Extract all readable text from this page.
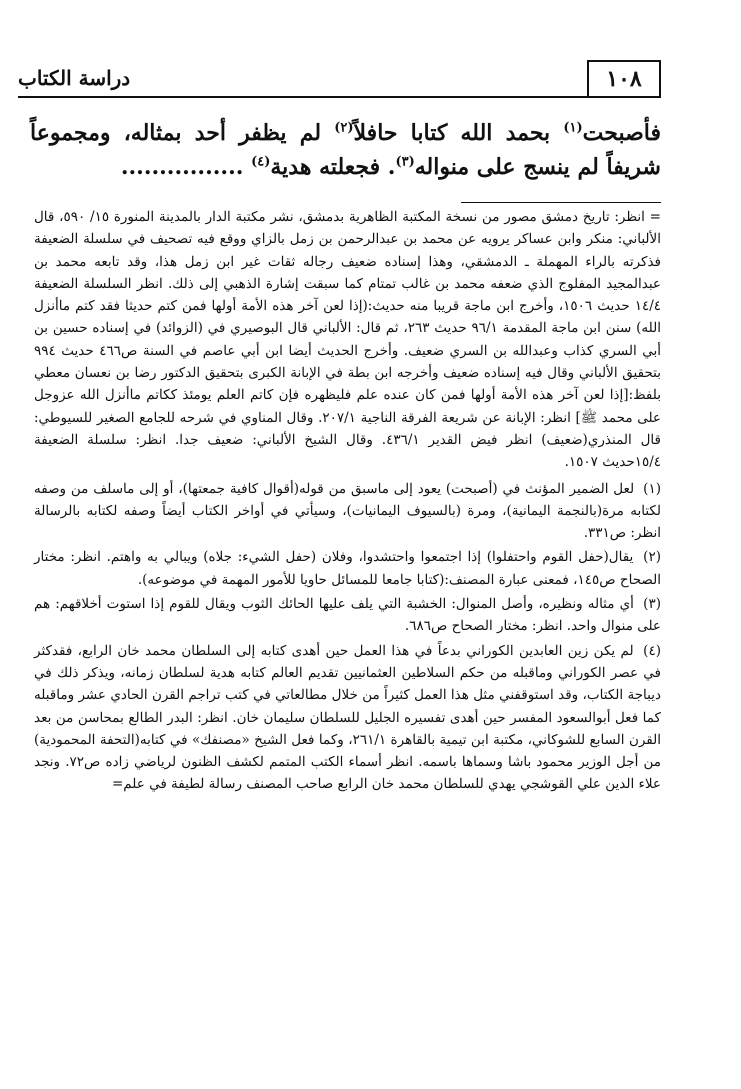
١٠٨
دراسة الكتاب
فأصبحت$^{(١)}$ بحمد الله كتابا حافلاً$^{(٢)}$ لم يظفر أحد بمثاله، ومجموعاً شريفاً لم ينسج على منواله$^{(٣)}$. فجعلته هدية$^{(٤)}$ ................

= انظر: تاريخ دمشق مصور من نسخة المكتبة الظاهرية بدمشق، نشر مكتبة الدار بالمدينة المنورة ١٥/ ٥٩٠، قال الألباني: منكر وابن عساكر يرويه عن محمد بن عبدالرحمن بن زمل بالزاي ووقع فيه تصحيف في سلسلة الضعيفة فذكرته بالراء المهملة ـ الدمشقي، وهذا إسناده ضعيف رجاله ثقات غير ابن زمل هذا، وقد تابعه محمد بن عبدالمجيد المفلوج الذي ضعفه محمد بن غالب تمتام كما سبقت إشارة الذهبي إلى ذلك. انظر السلسلة الضعيفة ١٤/٤ حديث ١٥٠٦، وأخرج ابن ماجة قريبا منه حديث:(إذا لعن آخر هذه الأمة أولها فمن كتم حديثا فقد كتم ماأنزل الله) سنن ابن ماجة المقدمة ٩٦/١ حديث ٢٦٣، ثم قال: الألباني قال البوصيري في (الزوائد) في إسناده حسين بن أبي السري كذاب وعبدالله بن السري ضعيف. وأخرج الحديث أيضا ابن أبي عاصم في السنة ص٤٦٦ حديث ٩٩٤ بتحقيق الألباني وقال فيه إسناده ضعيف وأخرجه ابن بطة في الإبانة الكبرى بتحقيق الدكتور رضا بن نعسان معطي بلفظ:[إذا لعن آخر هذه الأمة أولها فمن كان عنده علم فليظهره فإن كاتم العلم يومئذ ككاتم ماأنزل الله عزوجل على محمد ﷺ] انظر: الإبانة عن شريعة الفرقة الناجية ٢٠٧/١. وقال المناوي في شرحه للجامع الصغير للسيوطي: قال المنذري(ضعيف) انظر فيض القدير ٤٣٦/١. وقال الشيخ الألباني: ضعيف جدا. انظر: سلسلة الضعيفة ١٥/٤حديث ١٥٠٧.

(١) لعل الضمير المؤنث في (أصبحت) يعود إلى ماسبق من قوله(أقوال كافية جمعتها)، أو إلى ماسلف من وصفه لكتابه مرة(بالنجمة اليمانية)، ومرة (بالسيوف اليمانيات)، وسيأتي في أواخر الكتاب أيضاً وصفه لكتابه بالرسالة انظر: ص٣٣١.

(٢) يقال(حفل القوم واحتفلوا) إذا اجتمعوا واحتشدوا، وفلان (حفل الشيء: جلاه) ويبالي به واهتم. انظر: مختار الصحاح ص١٤٥، فمعنى عبارة المصنف:(كتابا جامعا للمسائل حاويا للأمور المهمة في موضوعه).

(٣) أي مثاله ونظيره، وأصل المنوال: الخشبة التي يلف عليها الحائك الثوب ويقال للقوم إذا استوت أخلاقهم: هم على منوال واحد. انظر: مختار الصحاح ص٦٨٦.

(٤) لم يكن زين العابدين الكوراني بدعاً في هذا العمل حين أهدى كتابه إلى السلطان محمد خان الرابع، فقدكثر في عصر الكوراني وماقبله من حكم السلاطين العثمانيين تقديم العالم كتابه هدية لسلطان زمانه، ويذكر ذلك في ديباجة الكتاب، وقد استوقفني مثل هذا العمل كثيراً من خلال مطالعاتي في كتب تراجم القرن الحادي عشر وماقبله كما فعل أبوالسعود المفسر حين أهدى تفسيره الجليل للسلطان سليمان خان. انظر: البدر الطالع بمحاسن من بعد القرن السابع للشوكاني، مكتبة ابن تيمية بالقاهرة ٢٦١/١، وكما فعل الشيخ «مصنفك» في كتابه(التحفة المحمودية) من أجل الوزير محمود باشا وسماها باسمه. انظر أسماء الكتب المتمم لكشف الظنون لرياضي زاده ص٧٢. ونجد علاء الدين علي القوشجي يهدي للسلطان محمد خان الرابع صاحب المصنف رسالة لطيفة في علم=
